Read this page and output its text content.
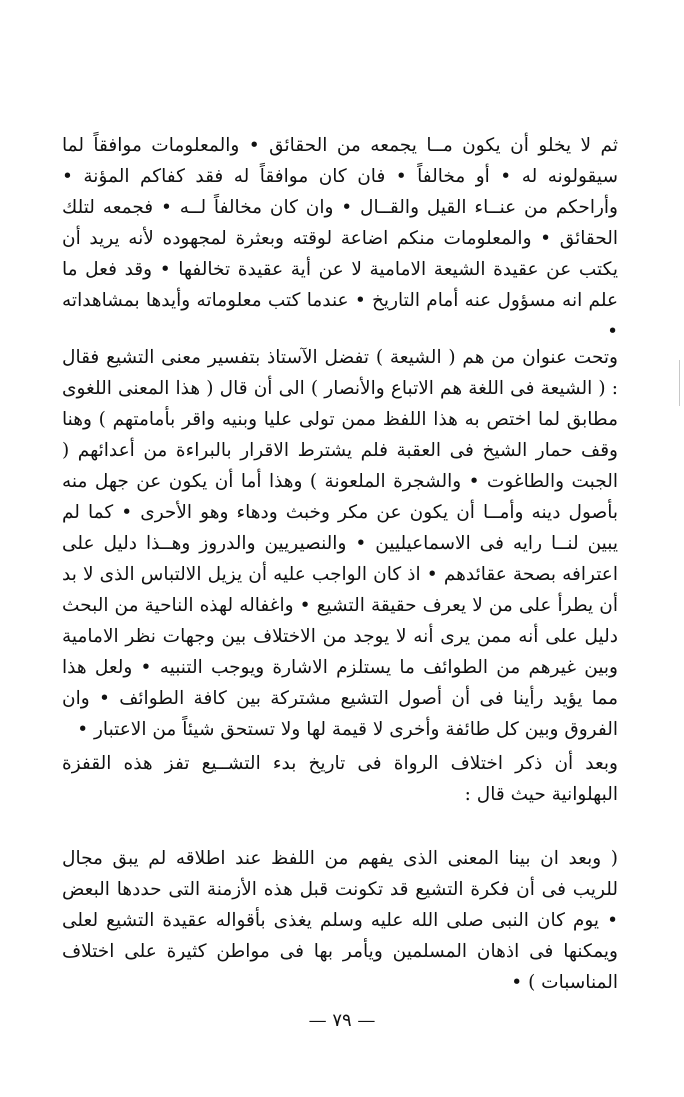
ثم لا يخلو أن يكون مــا يجمعه من الحقائق • والمعلومات موافقاً لما سيقولونه له • أو مخالفاً • فان كان موافقاً له فقد كفاكم المؤنة • وأراحكم من عنــاء القيل والقــال • وان كان مخالفاً لــه • فجمعه لتلك الحقائق • والمعلومات منكم اضاعة لوقته وبعثرة لمجهوده لأنه يريد أن يكتب عن عقيدة الشيعة الامامية لا عن أية عقيدة تخالفها • وقد فعل ما علم انه مسؤول عنه أمام التاريخ • عندما كتب معلوماته وأيدها بمشاهداته •

وتحت عنوان من هم ( الشيعة ) تفضل الآستاذ بتفسير معنى التشيع فقال : ( الشيعة فى اللغة هم الاتباع والأنصار ) الى أن قال ( هذا المعنى اللغوى مطابق لما اختص به هذا اللفظ ممن تولى عليا وبنيه واقر بأمامتهم ) وهنا وقف حمار الشيخ فى العقبة فلم يشترط الاقرار بالبراءة من أعدائهم ( الجبت والطاغوت • والشجرة الملعونة ) وهذا أما أن يكون عن جهل منه بأصول دينه وأمــا أن يكون عن مكر وخبث ودهاء وهو الأحرى • كما لم يبين لنــا رايه فى الاسماعيليين • والنصيريين والدروز وهــذا دليل على اعترافه بصحة عقائدهم • اذ كان الواجب عليه أن يزيل الالتباس الذى لا بد أن يطرأ على من لا يعرف حقيقة التشيع • واغفاله لهذه الناحية من البحث دليل على أنه ممن يرى أنه لا يوجد من الاختلاف بين وجهات نظر الامامية وبين غيرهم من الطوائف ما يستلزم الاشارة ويوجب التنبيه • ولعل هذا مما يؤيد رأينا فى أن أصول التشيع مشتركة بين كافة الطوائف • وان الفروق وبين كل طائفة وأخرى لا قيمة لها ولا تستحق شيئاً من الاعتبار •

وبعد أن ذكر اختلاف الرواة فى تاريخ بدء التشــيع تفز هذه القفزة البهلوانية حيث قال :

( وبعد ان بينا المعنى الذى يفهم من اللفظ عند اطلاقه لم يبق مجال للريب فى أن فكرة التشيع قد تكونت قبل هذه الأزمنة التى حددها البعض • يوم كان النبى صلى الله عليه وسلم يغذى بأقواله عقيدة التشيع لعلى ويمكنها فى اذهان المسلمين ويأمر بها فى مواطن كثيرة على اختلاف المناسبات ) •

— ٧٩ —
